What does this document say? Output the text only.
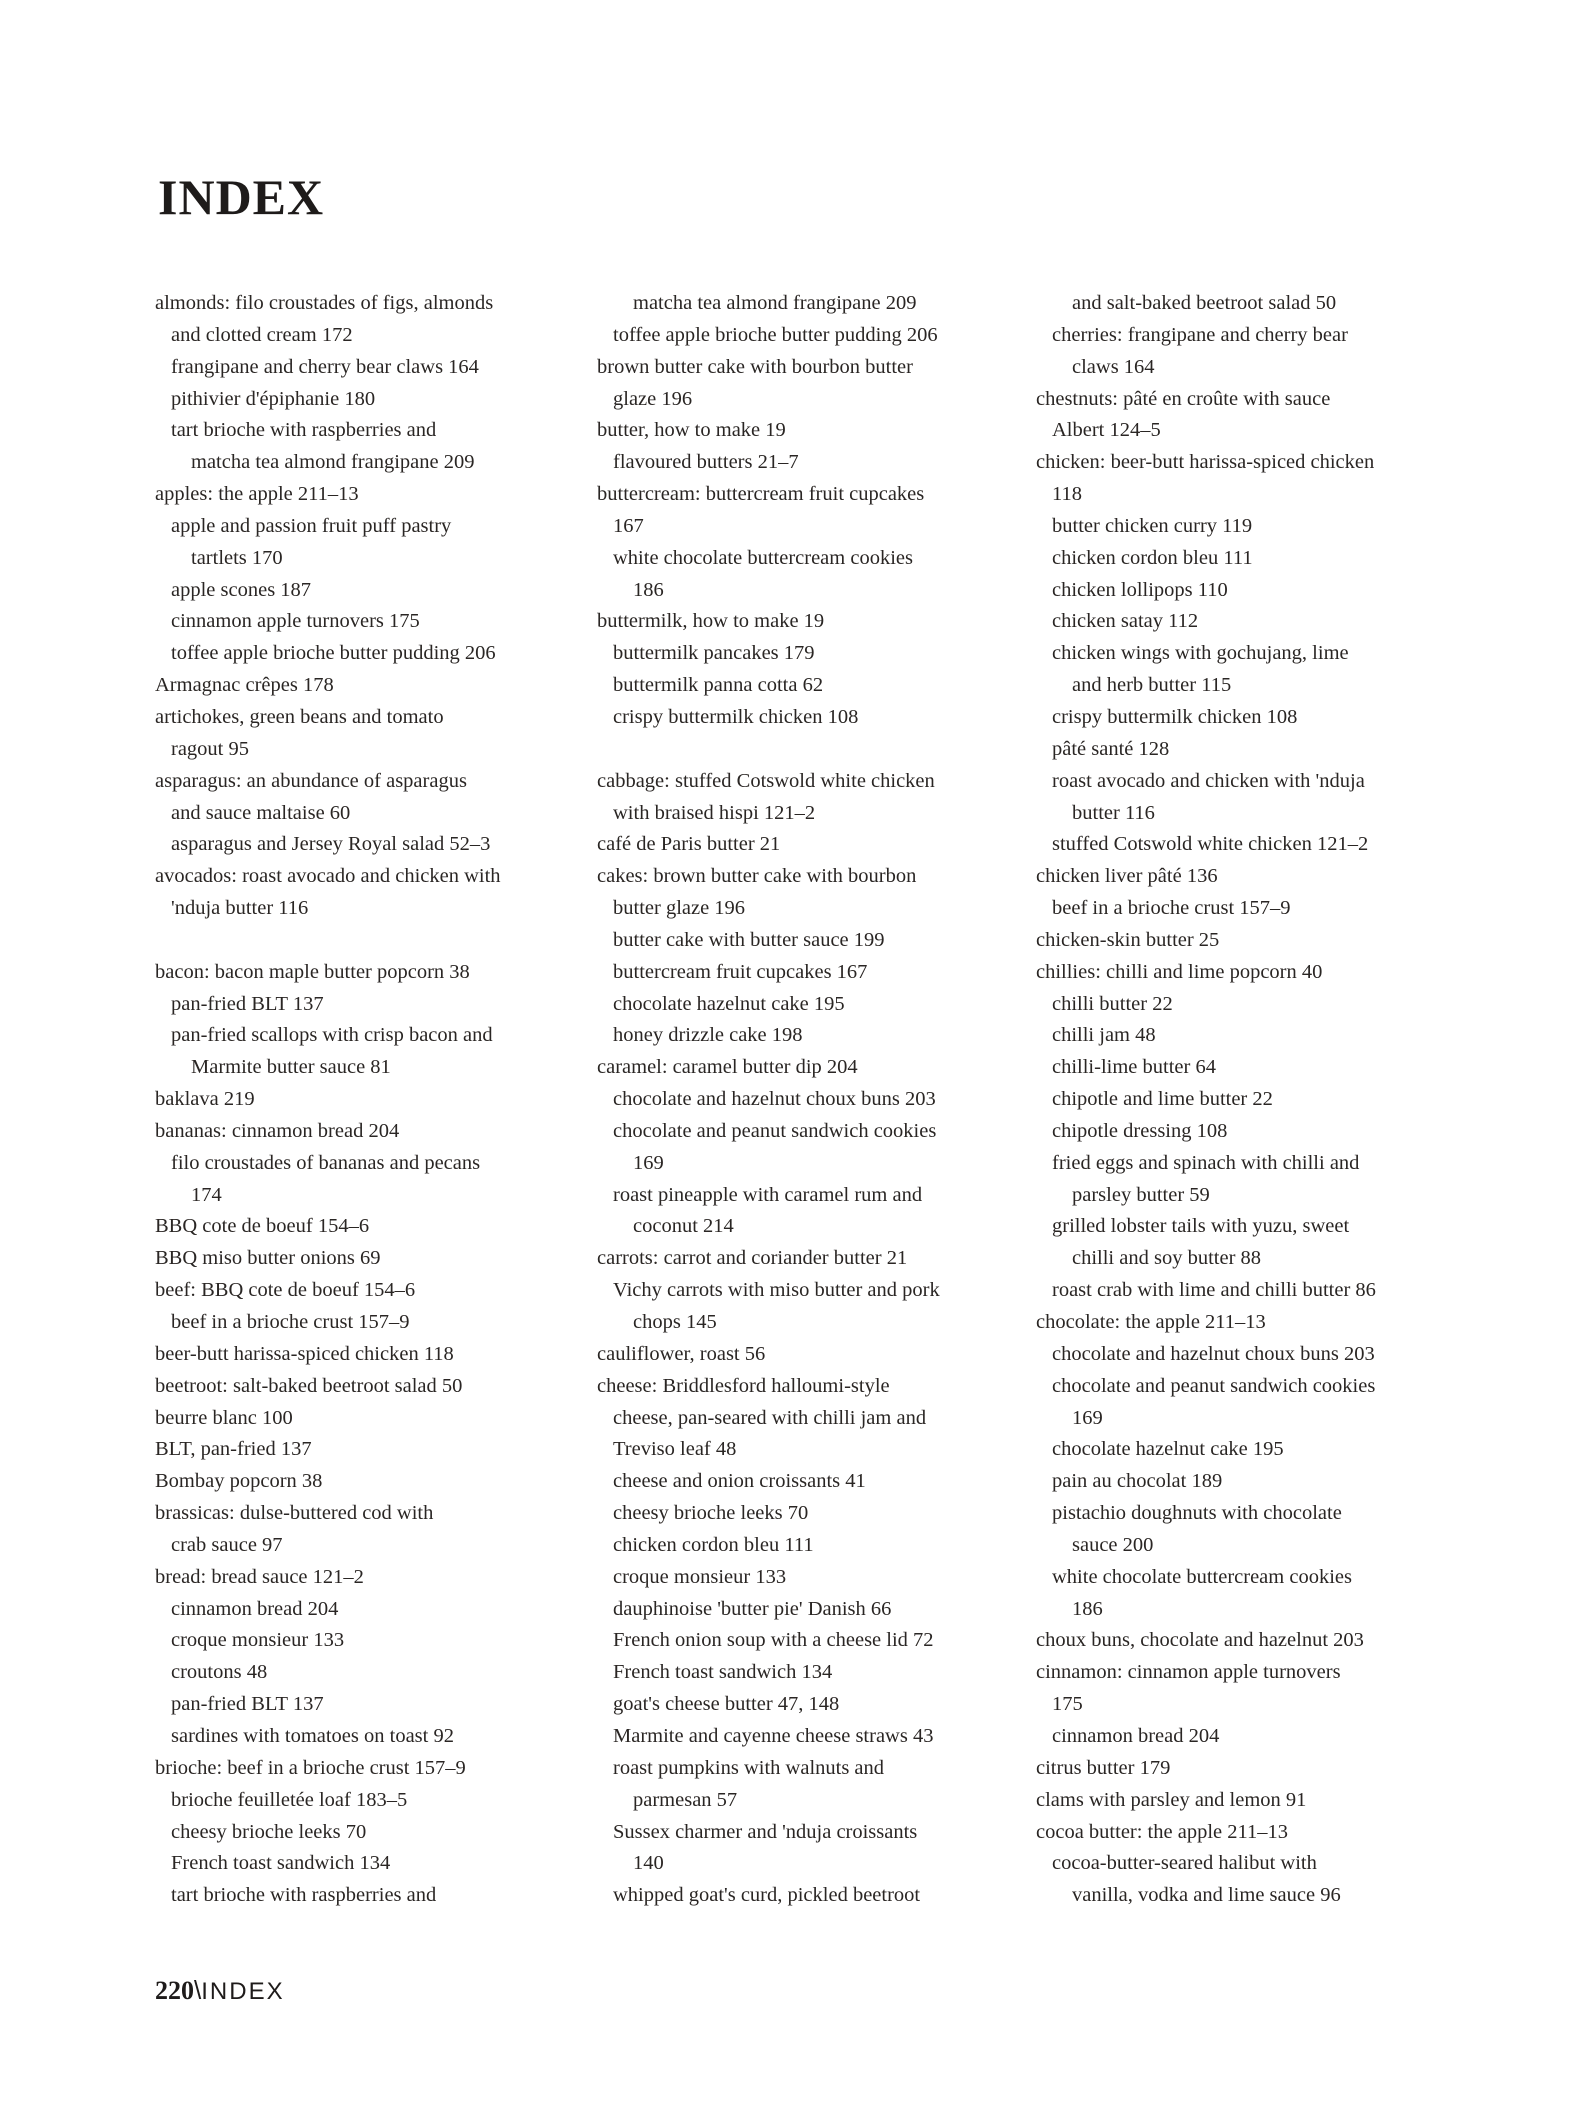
INDEX
almonds: filo croustades of figs, almonds
and clotted cream 172
frangipane and cherry bear claws 164
pithivier d'épiphanie 180
tart brioche with raspberries and
matcha tea almond frangipane 209
apples: the apple 211–13
apple and passion fruit puff pastry
tartlets 170
apple scones 187
cinnamon apple turnovers 175
toffee apple brioche butter pudding 206
Armagnac crêpes 178
artichokes, green beans and tomato
ragout 95
asparagus: an abundance of asparagus
and sauce maltaise 60
asparagus and Jersey Royal salad 52–3
avocados: roast avocado and chicken with
'nduja butter 116
bacon: bacon maple butter popcorn 38
pan-fried BLT 137
pan-fried scallops with crisp bacon and
Marmite butter sauce 81
baklava 219
bananas: cinnamon bread 204
filo croustades of bananas and pecans
174
BBQ cote de boeuf 154–6
BBQ miso butter onions 69
beef: BBQ cote de boeuf 154–6
beef in a brioche crust 157–9
beer-butt harissa-spiced chicken 118
beetroot: salt-baked beetroot salad 50
beurre blanc 100
BLT, pan-fried 137
Bombay popcorn 38
brassicas: dulse-buttered cod with
crab sauce 97
bread: bread sauce 121–2
cinnamon bread 204
croque monsieur 133
croutons 48
pan-fried BLT 137
sardines with tomatoes on toast 92
brioche: beef in a brioche crust 157–9
brioche feuilletée loaf 183–5
cheesy brioche leeks 70
French toast sandwich 134
tart brioche with raspberries and
matcha tea almond frangipane 209
toffee apple brioche butter pudding 206
brown butter cake with bourbon butter
glaze 196
butter, how to make 19
flavoured butters 21–7
buttercream: buttercream fruit cupcakes
167
white chocolate buttercream cookies
186
buttermilk, how to make 19
buttermilk pancakes 179
buttermilk panna cotta 62
crispy buttermilk chicken 108
cabbage: stuffed Cotswold white chicken
with braised hispi 121–2
café de Paris butter 21
cakes: brown butter cake with bourbon
butter glaze 196
butter cake with butter sauce 199
buttercream fruit cupcakes 167
chocolate hazelnut cake 195
honey drizzle cake 198
caramel: caramel butter dip 204
chocolate and hazelnut choux buns 203
chocolate and peanut sandwich cookies
169
roast pineapple with caramel rum and
coconut 214
carrots: carrot and coriander butter 21
Vichy carrots with miso butter and pork
chops 145
cauliflower, roast 56
cheese: Briddlesford halloumi-style
cheese, pan-seared with chilli jam and
Treviso leaf 48
cheese and onion croissants 41
cheesy brioche leeks 70
chicken cordon bleu 111
croque monsieur 133
dauphinoise 'butter pie' Danish 66
French onion soup with a cheese lid 72
French toast sandwich 134
goat's cheese butter 47, 148
Marmite and cayenne cheese straws 43
roast pumpkins with walnuts and
parmesan 57
Sussex charmer and 'nduja croissants
140
whipped goat's curd, pickled beetroot
and salt-baked beetroot salad 50
cherries: frangipane and cherry bear
claws 164
chestnuts: pâté en croûte with sauce
Albert 124–5
chicken: beer-butt harissa-spiced chicken
118
butter chicken curry 119
chicken cordon bleu 111
chicken lollipops 110
chicken satay 112
chicken wings with gochujang, lime
and herb butter 115
crispy buttermilk chicken 108
pâté santé 128
roast avocado and chicken with 'nduja
butter 116
stuffed Cotswold white chicken 121–2
chicken liver pâté 136
beef in a brioche crust 157–9
chicken-skin butter 25
chillies: chilli and lime popcorn 40
chilli butter 22
chilli jam 48
chilli-lime butter 64
chipotle and lime butter 22
chipotle dressing 108
fried eggs and spinach with chilli and
parsley butter 59
grilled lobster tails with yuzu, sweet
chilli and soy butter 88
roast crab with lime and chilli butter 86
chocolate: the apple 211–13
chocolate and hazelnut choux buns 203
chocolate and peanut sandwich cookies
169
chocolate hazelnut cake 195
pain au chocolat 189
pistachio doughnuts with chocolate
sauce 200
white chocolate buttercream cookies
186
choux buns, chocolate and hazelnut 203
cinnamon: cinnamon apple turnovers
175
cinnamon bread 204
citrus butter 179
clams with parsley and lemon 91
cocoa butter: the apple 211–13
cocoa-butter-seared halibut with
vanilla, vodka and lime sauce 96
220\INDEX
